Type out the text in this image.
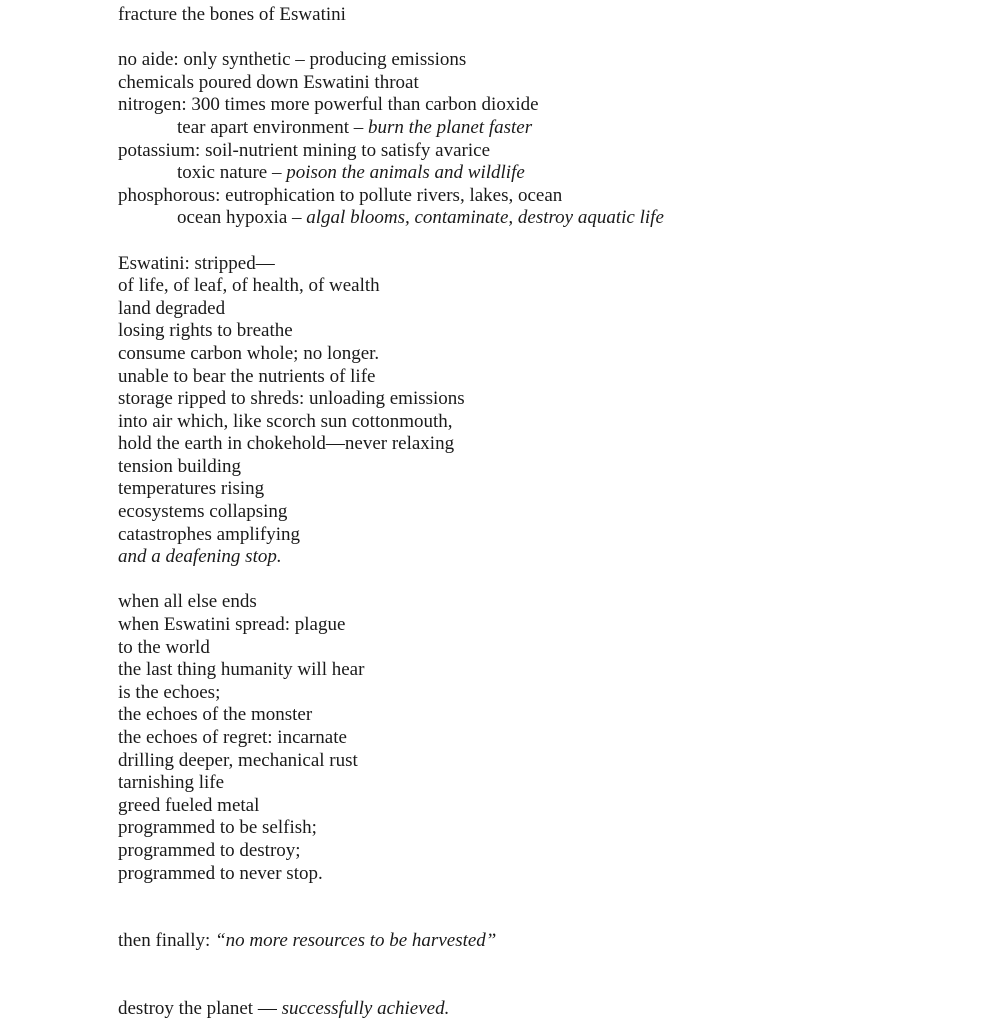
fracture the bones of Eswatini
no aide: only synthetic – producing emissions
chemicals poured down Eswatini throat
nitrogen: 300 times more powerful than carbon dioxide
tear apart environment – burn the planet faster
potassium: soil-nutrient mining to satisfy avarice
toxic nature – poison the animals and wildlife
phosphorous: eutrophication to pollute rivers, lakes, ocean
ocean hypoxia – algal blooms, contaminate, destroy aquatic life
Eswatini: stripped—
of life, of leaf, of health, of wealth
land degraded
losing rights to breathe
consume carbon whole; no longer.
unable to bear the nutrients of life
storage ripped to shreds: unloading emissions
into air which, like scorch sun cottonmouth,
hold the earth in chokehold—never relaxing
tension building
temperatures rising
ecosystems collapsing
catastrophes amplifying
and a deafening stop.
when all else ends
when Eswatini spread: plague
to the world
the last thing humanity will hear
is the echoes;
the echoes of the monster
the echoes of regret: incarnate
drilling deeper, mechanical rust
tarnishing life
greed fueled metal
programmed to be selfish;
programmed to destroy;
programmed to never stop.
then finally: “no more resources to be harvested”
destroy the planet — successfully achieved.
